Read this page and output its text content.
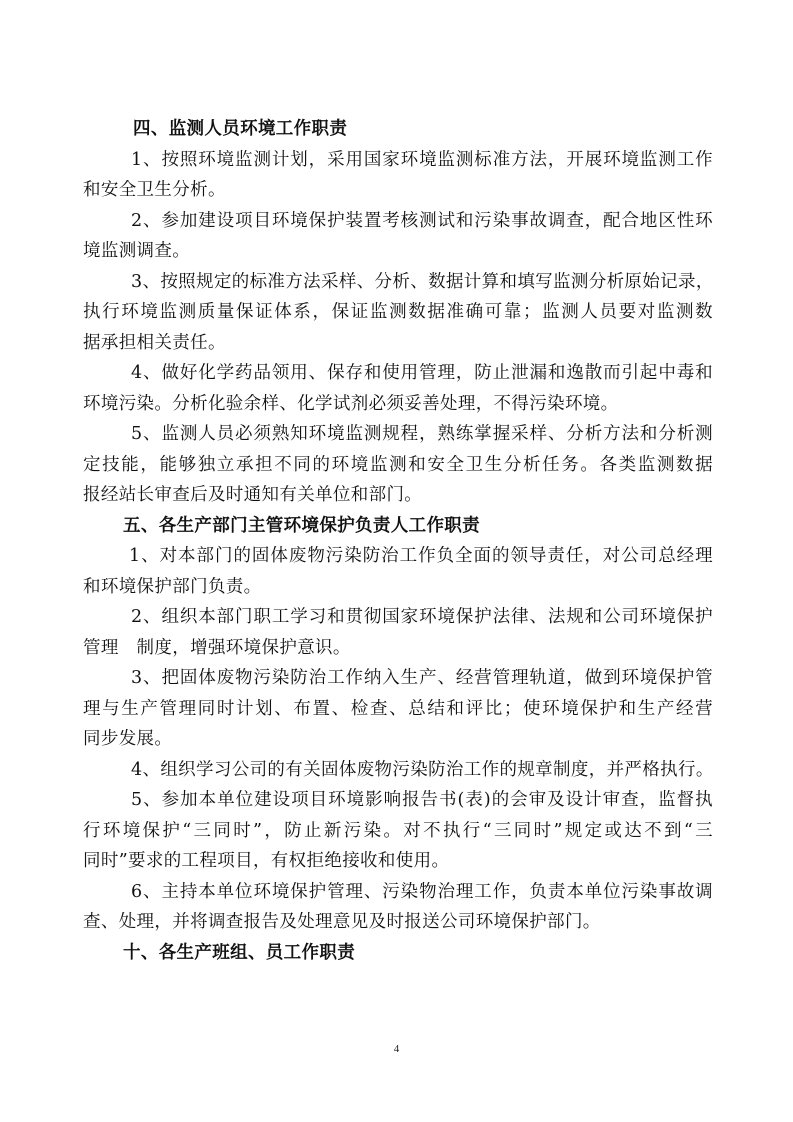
四、监测人员环境工作职责
1、按照环境监测计划，采用国家环境监测标准方法，开展环境监测工作
和安全卫生分析。
2、参加建设项目环境保护装置考核测试和污染事故调查，配合地区性环
境监测调查。
3、按照规定的标准方法采样、分析、数据计算和填写监测分析原始记录，
执行环境监测质量保证体系，保证监测数据准确可靠；监测人员要对监测数
据承担相关责任。
4、做好化学药品领用、保存和使用管理，防止泄漏和逸散而引起中毒和
环境污染。分析化验余样、化学试剂必须妥善处理，不得污染环境。
5、监测人员必须熟知环境监测规程，熟练掌握采样、分析方法和分析测
定技能，能够独立承担不同的环境监测和安全卫生分析任务。各类监测数据
报经站长审查后及时通知有关单位和部门。
五、各生产部门主管环境保护负责人工作职责
1、对本部门的固体废物污染防治工作负全面的领导责任，对公司总经理
和环境保护部门负责。
2、组织本部门职工学习和贯彻国家环境保护法律、法规和公司环境保护
管理　制度，增强环境保护意识。
3、把固体废物污染防治工作纳入生产、经营管理轨道，做到环境保护管
理与生产管理同时计划、布置、检查、总结和评比；使环境保护和生产经营
同步发展。
4、组织学习公司的有关固体废物污染防治工作的规章制度，并严格执行。
5、参加本单位建设项目环境影响报告书(表)的会审及设计审查，监督执
行环境保护“三同时”，防止新污染。对不执行“三同时”规定或达不到“三
同时”要求的工程项目，有权拒绝接收和使用。
6、主持本单位环境保护管理、污染物治理工作，负责本单位污染事故调
查、处理，并将调查报告及处理意见及时报送公司环境保护部门。
十、各生产班组、员工作职责
4
